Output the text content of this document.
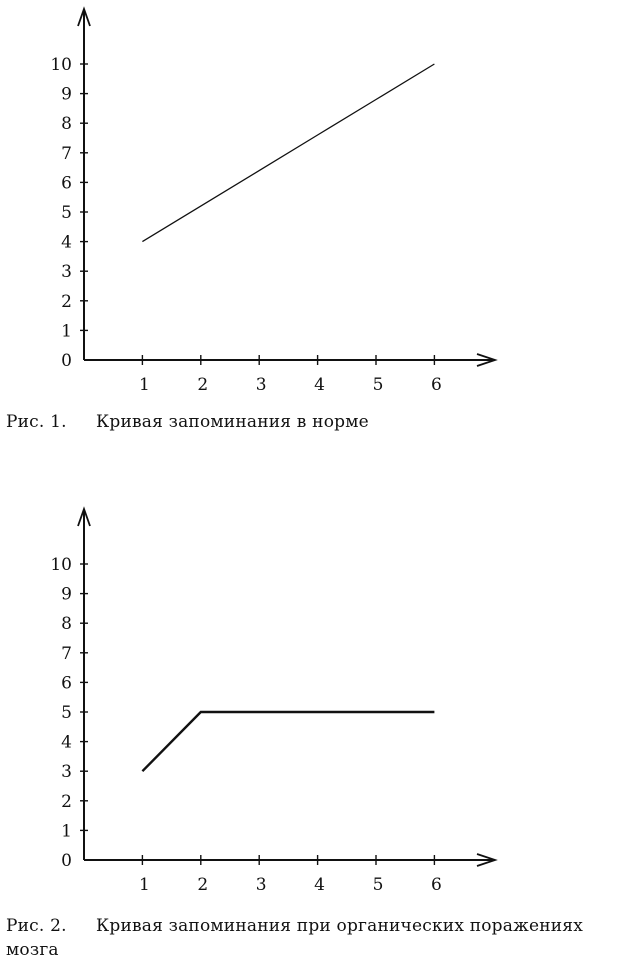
0
1
2
3
4
5
6
7
8
9
10
1	2	3	4	5	6
Рис. 1. Кривая запоминания в норме
0
1
2
3
4
5
6
7
8
9
10
1	2	3	4	5	6
Рис. 2. Кривая запоминания при органических поражениях мозга
